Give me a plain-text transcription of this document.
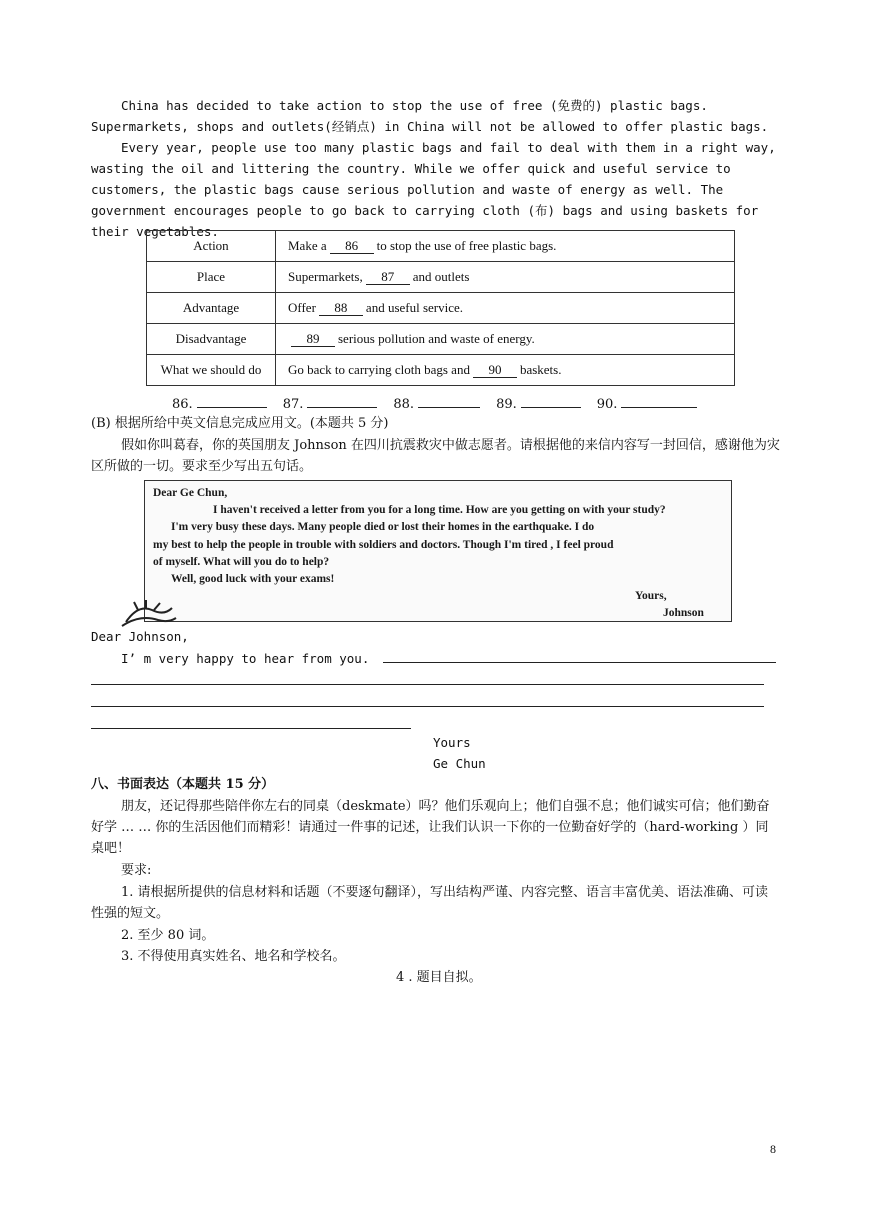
China has decided to take action to stop the use of free (免费的) plastic bags. Supermarkets, shops and outlets(经销点) in China will not be allowed to offer plastic bags.
Every year, people use too many plastic bags and fail to deal with them in a right way, wasting the oil and littering the country. While we offer quick and useful service to customers, the plastic bags cause serious pollution and waste of energy as well. The government encourages people to go back to carrying cloth (布) bags and using baskets for their vegetables.
Action	Make a 86 to stop the use of free plastic bags.
Place	Supermarkets, 87 and outlets
Advantage	Offer 88 and useful service.
Disadvantage	89 serious pollution and waste of energy.
What we should do	Go back to carrying cloth bags and 90 baskets.
86.	87.	88.	89.	90.
(B) 根据所给中英文信息完成应用文。(本题共 5 分)
假如你叫葛春，你的英国朋友 Johnson 在四川抗震救灾中做志愿者。请根据他的来信内容写一封回信，感谢他为灾区所做的一切。要求至少写出五句话。
Dear Ge Chun,
I haven't received a letter from you for a long time. How are you getting on with your study?
I'm very busy these days. Many people died or lost their homes in the earthquake. I do
my best to help the people in trouble with soldiers and doctors. Though I'm tired , I feel proud
of myself. What will you do to help?
Well, good luck with your exams!
Yours,
Johnson
Dear Johnson,
I’ m very happy to hear from you.
Yours
Ge Chun
八、书面表达（本题共 15 分）
朋友，还记得那些陪伴你左右的同桌（deskmate）吗？他们乐观向上；他们自强不息；他们诚实可信；他们勤奋好学 … … 你的生活因他们而精彩！请通过一件事的记述，让我们认识一下你的一位勤奋好学的（hard-working ）同桌吧！
要求:
1. 请根据所提供的信息材料和话题（不要逐句翻译），写出结构严谨、内容完整、语言丰富优美、语法准确、可读性强的短文。
2. 至少 80 词。
3. 不得使用真实姓名、地名和学校名。
4 . 题目自拟。
8
